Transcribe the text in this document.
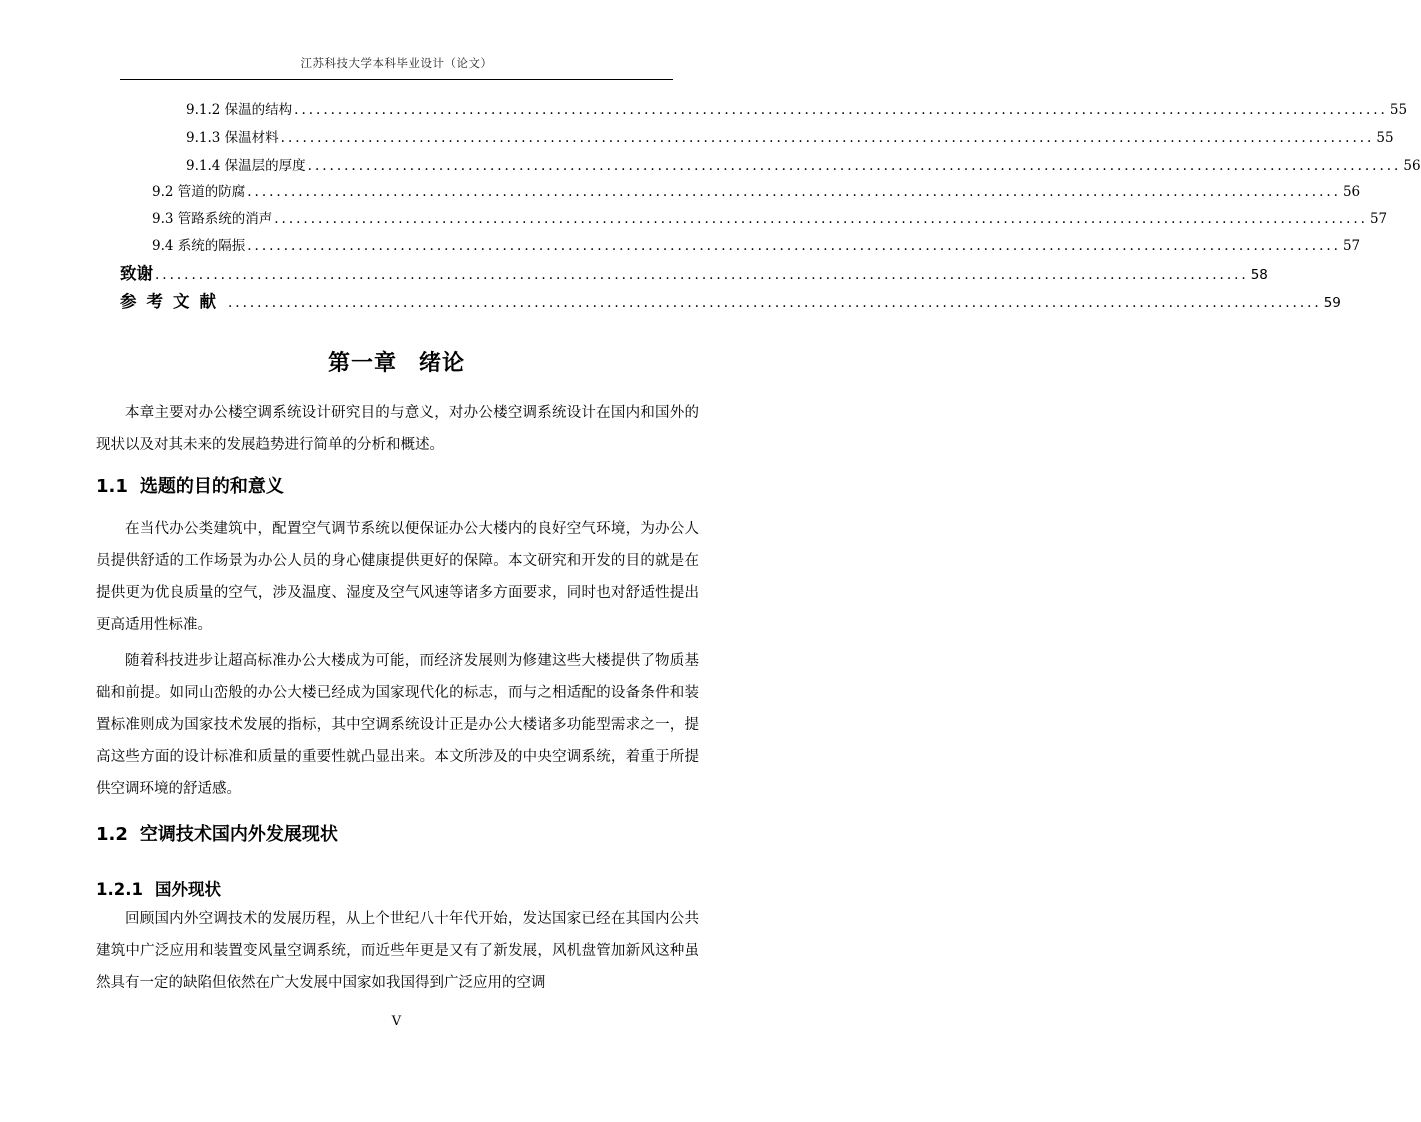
江苏科技大学本科毕业设计（论文）
9.1.2 保温的结构 ...................................................................................................................................................... 55
9.1.3 保温材料 ...................................................................................................................................................... 55
9.1.4 保温层的厚度 ...................................................................................................................................................... 56
9.2 管道的防腐 ...................................................................................................................................................... 56
9.3 管路系统的消声 ...................................................................................................................................................... 57
9.4 系统的隔振 ...................................................................................................................................................... 57
致谢 ...................................................................................................................................................... 58
参考文献 ...................................................................................................................................................... 59
第一章 绪论

本章主要对办公楼空调系统设计研究目的与意义，对办公楼空调系统设计在国内和国外的现状以及对其未来的发展趋势进行简单的分析和概述。

1.1 选题的目的和意义

在当代办公类建筑中，配置空气调节系统以便保证办公大楼内的良好空气环境，为办公人员提供舒适的工作场景为办公人员的身心健康提供更好的保障。本文研究和开发的目的就是在提供更为优良质量的空气，涉及温度、湿度及空气风速等诸多方面要求，同时也对舒适性提出更高适用性标准。

随着科技进步让超高标准办公大楼成为可能，而经济发展则为修建这些大楼提供了物质基础和前提。如同山峦般的办公大楼已经成为国家现代化的标志，而与之相适配的设备条件和装置标准则成为国家技术发展的指标，其中空调系统设计正是办公大楼诸多功能型需求之一，提高这些方面的设计标准和质量的重要性就凸显出来。本文所涉及的中央空调系统，着重于所提供空调环境的舒适感。

1.2 空调技术国内外发展现状
1.2.1 国外现状

回顾国内外空调技术的发展历程，从上个世纪八十年代开始，发达国家已经在其国内公共建筑中广泛应用和装置变风量空调系统，而近些年更是又有了新发展，风机盘管加新风这种虽然具有一定的缺陷但依然在广大发展中国家如我国得到广泛应用的空调

V
